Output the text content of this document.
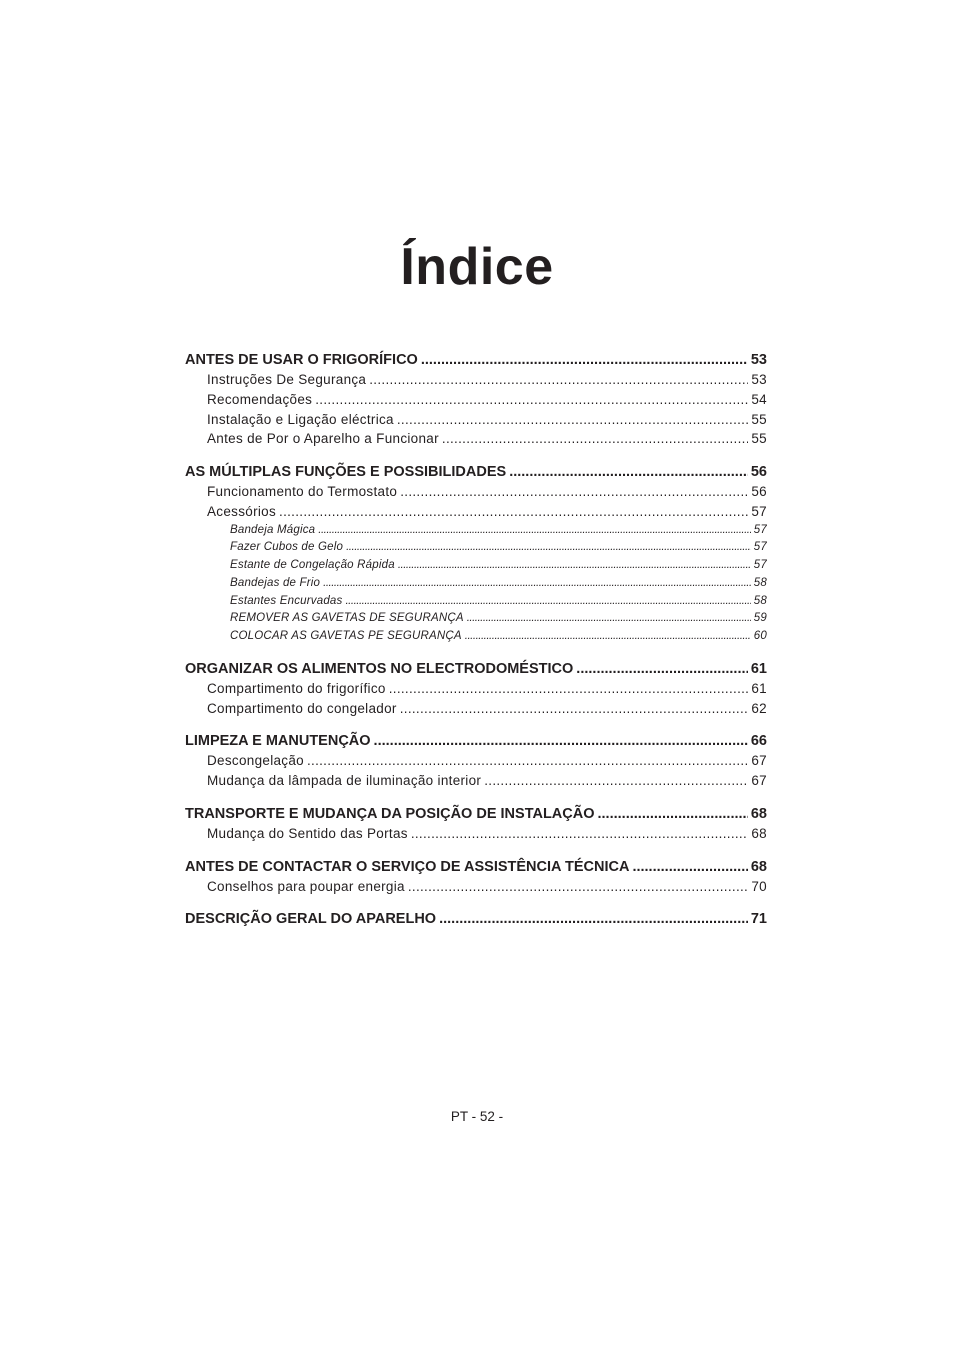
Índice
ANTES DE USAR O FRIGORÍFICO .....	53
Instruções De Segurança .....	53
Recomendações .....	54
Instalação e Ligação eléctrica .....	55
Antes de Por o Aparelho a Funcionar .....	55
AS MÚLTIPLAS FUNÇÕES E POSSIBILIDADES .....	56
Funcionamento do Termostato .....	56
Acessórios .....	57
Bandeja Mágica .....	57
Fazer Cubos de Gelo .....	57
Estante de Congelação Rápida .....	57
Bandejas de Frio .....	58
Estantes Encurvadas .....	58
REMOVER AS GAVETAS DE SEGURANÇA .....	59
COLOCAR AS GAVETAS PE SEGURANÇA .....	60
ORGANIZAR OS ALIMENTOS NO ELECTRODOMÉSTICO .....	61
Compartimento do frigorífico .....	61
Compartimento do congelador .....	62
LIMPEZA E MANUTENÇÃO .....	66
Descongelação .....	67
Mudança da lâmpada de iluminação interior .....	67
TRANSPORTE E MUDANÇA DA POSIÇÃO DE INSTALAÇÃO .....	68
Mudança do Sentido das Portas .....	68
ANTES DE CONTACTAR O SERVIÇO DE ASSISTÊNCIA TÉCNICA .....	68
Conselhos para poupar energia .....	70
DESCRIÇÃO GERAL DO APARELHO .....	71
PT - 52 -
